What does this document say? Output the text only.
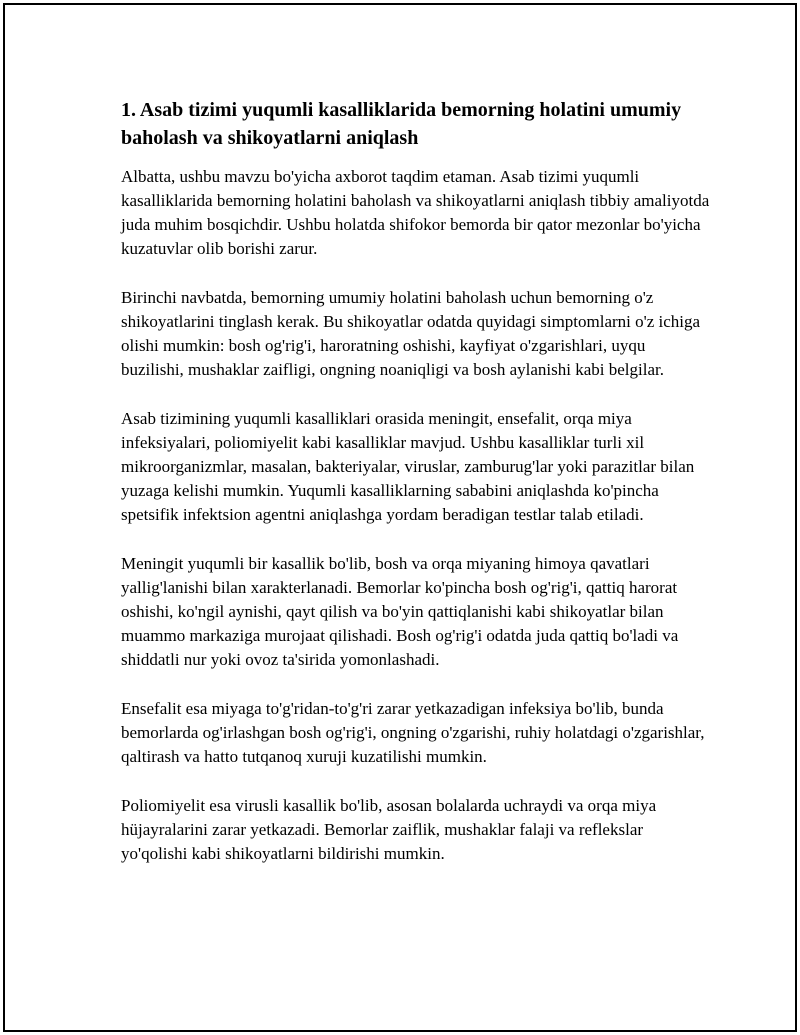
1. Asab tizimi yuqumli kasalliklarida bemorning holatini umumiy baholash va shikoyatlarni aniqlash

Albatta, ushbu mavzu bo'yicha axborot taqdim etaman. Asab tizimi yuqumli kasalliklarida bemorning holatini baholash va shikoyatlarni aniqlash tibbiy amaliyotda juda muhim bosqichdir. Ushbu holatda shifokor bemorda bir qator mezonlar bo'yicha kuzatuvlar olib borishi zarur.

Birinchi navbatda, bemorning umumiy holatini baholash uchun bemorning o'z shikoyatlarini tinglash kerak. Bu shikoyatlar odatda quyidagi simptomlarni o'z ichiga olishi mumkin: bosh og'rig'i, haroratning oshishi, kayfiyat o'zgarishlari, uyqu buzilishi, mushaklar zaifligi, ongning noaniqligi va bosh aylanishi kabi belgilar.

Asab tizimining yuqumli kasalliklari orasida meningit, ensefalit, orqa miya infeksiyalari, poliomiyelit kabi kasalliklar mavjud. Ushbu kasalliklar turli xil mikroorganizmlar, masalan, bakteriyalar, viruslar, zamburug'lar yoki parazitlar bilan yuzaga kelishi mumkin. Yuqumli kasalliklarning sababini aniqlashda ko'pincha spetsifik infektsion agentni aniqlashga yordam beradigan testlar talab etiladi.

Meningit yuqumli bir kasallik bo'lib, bosh va orqa miyaning himoya qavatlari yallig'lanishi bilan xarakterlanadi. Bemorlar ko'pincha bosh og'rig'i, qattiq harorat oshishi, ko'ngil aynishi, qayt qilish va bo'yin qattiqlanishi kabi shikoyatlar bilan muammo markaziga murojaat qilishadi. Bosh og'rig'i odatda juda qattiq bo'ladi va shiddatli nur yoki ovoz ta'sirida yomonlashadi.

Ensefalit esa miyaga to'g'ridan-to'g'ri zarar yetkazadigan infeksiya bo'lib, bunda bemorlarda og'irlashgan bosh og'rig'i, ongning o'zgarishi, ruhiy holatdagi o'zgarishlar, qaltirash va hatto tutqanoq xuruji kuzatilishi mumkin.

Poliomiyelit esa virusli kasallik bo'lib, asosan bolalarda uchraydi va orqa miya hüjayralarini zarar yetkazadi. Bemorlar zaiflik, mushaklar falaji va reflekslar yo'qolishi kabi shikoyatlarni bildirishi mumkin.
